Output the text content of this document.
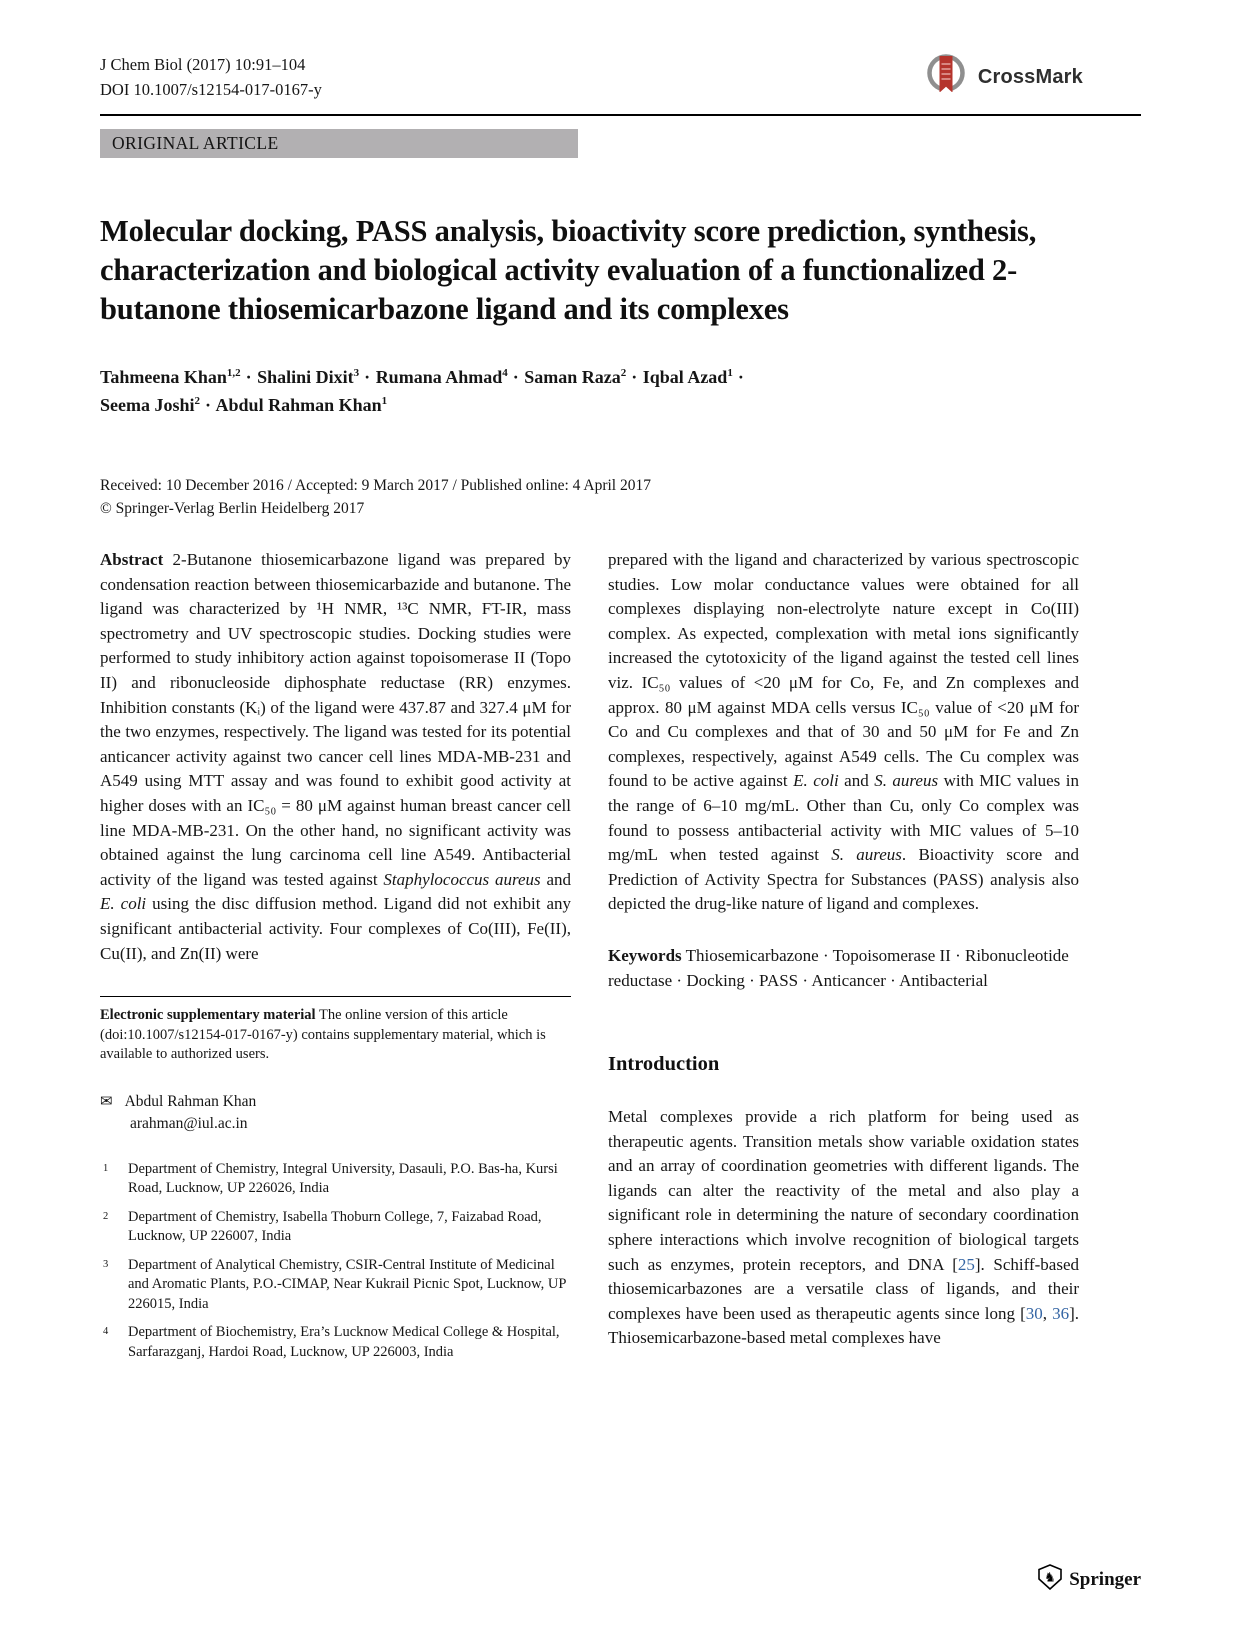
J Chem Biol (2017) 10:91–104
DOI 10.1007/s12154-017-0167-y
CrossMark
ORIGINAL ARTICLE
Molecular docking, PASS analysis, bioactivity score prediction, synthesis, characterization and biological activity evaluation of a functionalized 2-butanone thiosemicarbazone ligand and its complexes
Tahmeena Khan$^{1,2}$ · Shalini Dixit$^3$ · Rumana Ahmad$^4$ · Saman Raza$^2$ · Iqbal Azad$^1$ · Seema Joshi$^2$ · Abdul Rahman Khan$^1$
Received: 10 December 2016 / Accepted: 9 March 2017 / Published online: 4 April 2017
© Springer-Verlag Berlin Heidelberg 2017

Abstract 2-Butanone thiosemicarbazone ligand was prepared by condensation reaction between thiosemicarbazide and butanone. The ligand was characterized by ¹H NMR, ¹³C NMR, FT-IR, mass spectrometry and UV spectroscopic studies. Docking studies were performed to study inhibitory action against topoisomerase II (Topo II) and ribonucleoside diphosphate reductase (RR) enzymes. Inhibition constants (Kᵢ) of the ligand were 437.87 and 327.4 μM for the two enzymes, respectively. The ligand was tested for its potential anticancer activity against two cancer cell lines MDA-MB-231 and A549 using MTT assay and was found to exhibit good activity at higher doses with an IC₅₀ = 80 μM against human breast cancer cell line MDA-MB-231. On the other hand, no significant activity was obtained against the lung carcinoma cell line A549. Antibacterial activity of the ligand was tested against Staphylococcus aureus and E. coli using the disc diffusion method. Ligand did not exhibit any significant antibacterial activity. Four complexes of Co(III), Fe(II), Cu(II), and Zn(II) were

Electronic supplementary material The online version of this article (doi:10.1007/s12154-017-0167-y) contains supplementary material, which is available to authorized users.
✉ Abdul Rahman Khan
arahman@iul.ac.in
1 Department of Chemistry, Integral University, Dasauli, P.O. Bas-ha, Kursi Road, Lucknow, UP 226026, India
2 Department of Chemistry, Isabella Thoburn College, 7, Faizabad Road, Lucknow, UP 226007, India
3 Department of Analytical Chemistry, CSIR-Central Institute of Medicinal and Aromatic Plants, P.O.-CIMAP, Near Kukrail Picnic Spot, Lucknow, UP 226015, India
4 Department of Biochemistry, Era’s Lucknow Medical College & Hospital, Sarfarazganj, Hardoi Road, Lucknow, UP 226003, India

prepared with the ligand and characterized by various spectroscopic studies. Low molar conductance values were obtained for all complexes displaying non-electrolyte nature except in Co(III) complex. As expected, complexation with metal ions significantly increased the cytotoxicity of the ligand against the tested cell lines viz. IC₅₀ values of <20 μM for Co, Fe, and Zn complexes and approx. 80 μM against MDA cells versus IC₅₀ value of <20 μM for Co and Cu complexes and that of 30 and 50 μM for Fe and Zn complexes, respectively, against A549 cells. The Cu complex was found to be active against E. coli and S. aureus with MIC values in the range of 6–10 mg/mL. Other than Cu, only Co complex was found to possess antibacterial activity with MIC values of 5–10 mg/mL when tested against S. aureus. Bioactivity score and Prediction of Activity Spectra for Substances (PASS) analysis also depicted the drug-like nature of ligand and complexes.

Keywords Thiosemicarbazone · Topoisomerase II · Ribonucleotide reductase · Docking · PASS · Anticancer · Antibacterial

Introduction

Metal complexes provide a rich platform for being used as therapeutic agents. Transition metals show variable oxidation states and an array of coordination geometries with different ligands. The ligands can alter the reactivity of the metal and also play a significant role in determining the nature of secondary coordination sphere interactions which involve recognition of biological targets such as enzymes, protein receptors, and DNA [25]. Schiff-based thiosemicarbazones are a versatile class of ligands, and their complexes have been used as therapeutic agents since long [30, 36]. Thiosemicarbazone-based metal complexes have

♞ Springer
